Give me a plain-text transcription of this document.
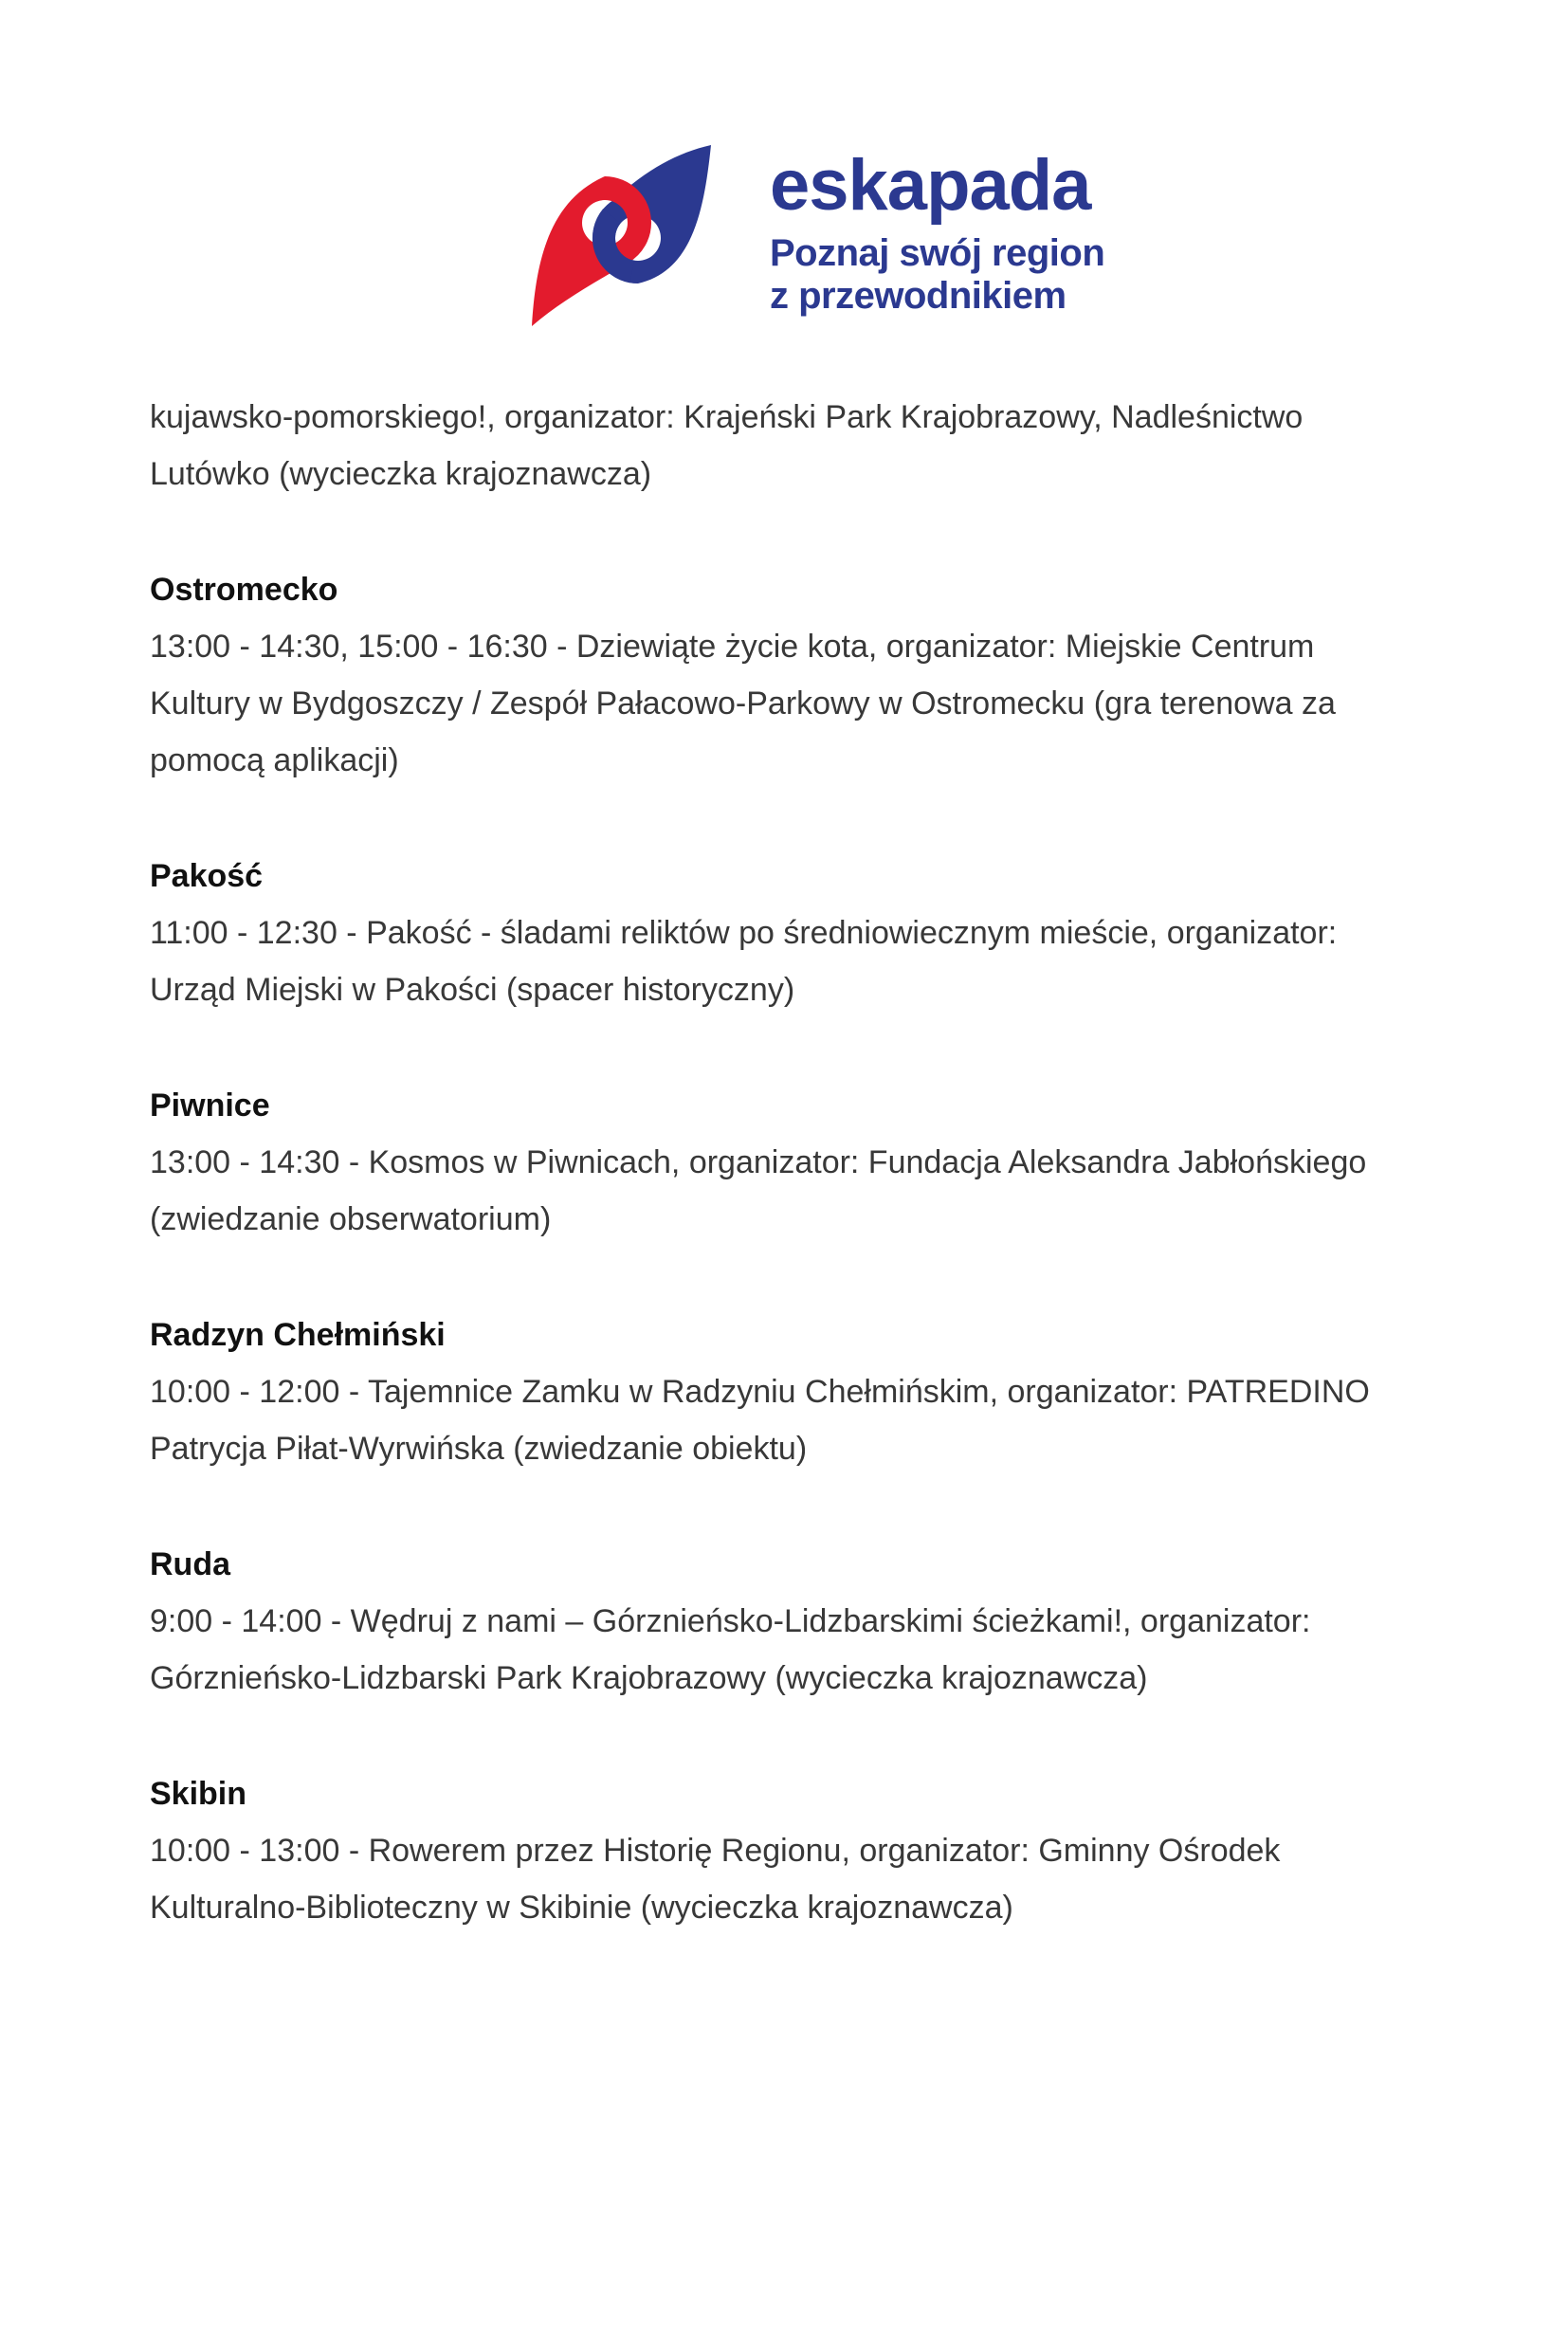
eskapada
Poznaj swój region
z przewodnikiem
kujawsko-pomorskiego!, organizator: Krajeński Park Krajobrazowy, Nadleśnictwo
Lutówko (wycieczka krajoznawcza)
Ostromecko
13:00 - 14:30, 15:00 - 16:30 - Dziewiąte życie kota, organizator: Miejskie Centrum
Kultury w Bydgoszczy / Zespół Pałacowo-Parkowy w Ostromecku (gra terenowa za
pomocą aplikacji)
Pakość
11:00 - 12:30 - Pakość - śladami reliktów po średniowiecznym mieście, organizator:
Urząd Miejski w Pakości (spacer historyczny)
Piwnice
13:00 - 14:30 - Kosmos w Piwnicach, organizator: Fundacja Aleksandra Jabłońskiego
(zwiedzanie obserwatorium)
Radzyn Chełmiński
10:00 - 12:00 - Tajemnice Zamku w Radzyniu Chełmińskim, organizator: PATREDINO
Patrycja Piłat-Wyrwińska (zwiedzanie obiektu)
Ruda
9:00 - 14:00 - Wędruj z nami – Górznieńsko-Lidzbarskimi ścieżkami!, organizator:
Górznieńsko-Lidzbarski Park Krajobrazowy (wycieczka krajoznawcza)
Skibin
10:00 - 13:00 - Rowerem przez Historię Regionu, organizator: Gminny Ośrodek
Kulturalno-Biblioteczny w Skibinie (wycieczka krajoznawcza)
